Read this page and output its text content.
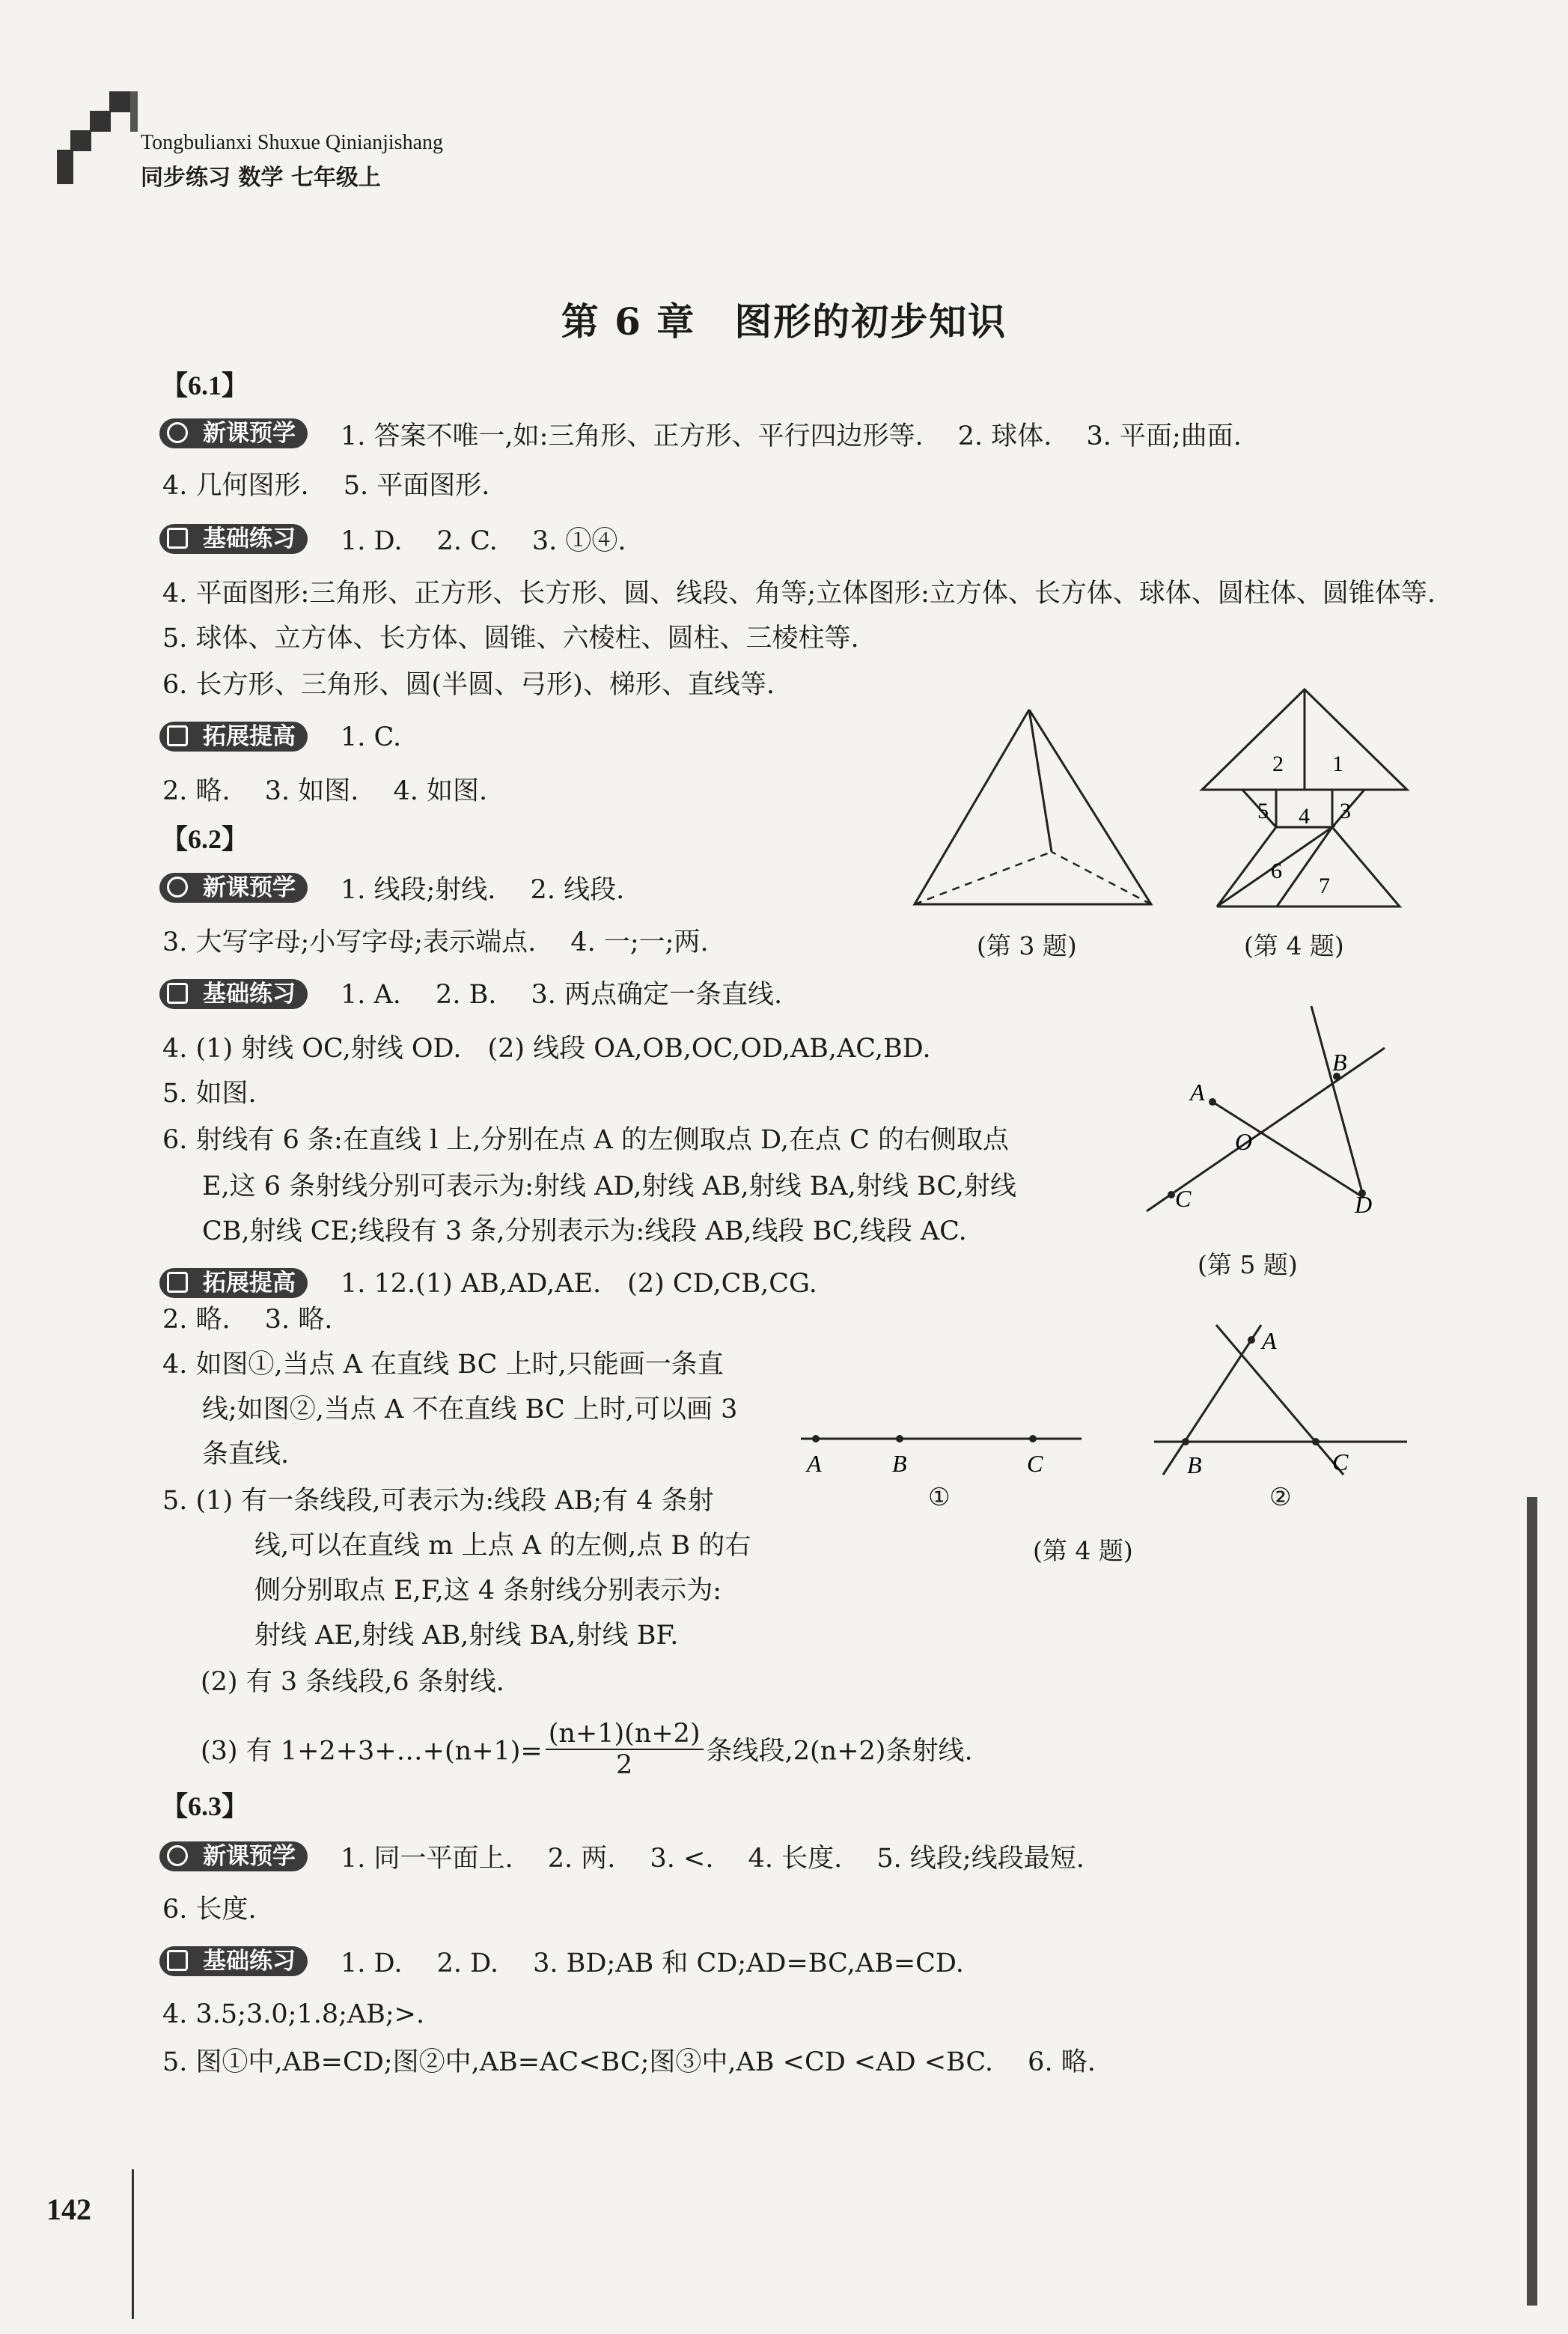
Tongbulianxi Shuxue Qinianjishang
同步练习 数学 七年级上
第 6 章　图形的初步知识
【6.1】
新课预学	1. 答案不唯一,如:三角形、正方形、平行四边形等.　 2. 球体.　 3. 平面;曲面.
4. 几何图形.　 5. 平面图形.
基础练习	1. D.　 2. C.　 3. ①④.
4. 平面图形:三角形、正方形、长方形、圆、线段、角等;立体图形:立方体、长方体、球体、圆柱体、圆锥体等.
5. 球体、立方体、长方体、圆锥、六棱柱、圆柱、三棱柱等.
6. 长方形、三角形、圆(半圆、弓形)、梯形、直线等.
拓展提高	1. C.
2. 略.　 3. 如图.　 4. 如图.
(第 3 题)
2 1
5 4 3
6
7
(第 4 题)
【6.2】
新课预学	1. 线段;射线.　 2. 线段.
3. 大写字母;小写字母;表示端点.　 4. 一;一;两.
基础练习	1. A.　 2. B.　 3. 两点确定一条直线.
4. (1) 射线 OC,射线 OD.　(2) 线段 OA,OB,OC,OD,AB,AC,BD.
5. 如图.
6. 射线有 6 条:在直线 l 上,分别在点 A 的左侧取点 D,在点 C 的右侧取点
E,这 6 条射线分别可表示为:射线 AD,射线 AB,射线 BA,射线 BC,射线
CB,射线 CE;线段有 3 条,分别表示为:线段 AB,线段 BC,线段 AC.
A
B
O
C	D
(第 5 题)
拓展提高	1. 12.(1) AB,AD,AE.　(2) CD,CB,CG.
2. 略.　 3. 略.
4. 如图①,当点 A 在直线 BC 上时,只能画一条直
线;如图②,当点 A 不在直线 BC 上时,可以画 3
条直线.
5. (1) 有一条线段,可表示为:线段 AB;有 4 条射
线,可以在直线 m 上点 A 的左侧,点 B 的右
侧分别取点 E,F,这 4 条射线分别表示为:
射线 AE,射线 AB,射线 BA,射线 BF.
(2) 有 3 条线段,6 条射线.
(3) 有 1+2+3+…+(n+1)= $\frac{(n+1)(n+2)}{2}$ 条线段,2(n+2)条射线.
A	B	C
①
A
B	C
②
(第 4 题)
【6.3】
新课预学	1. 同一平面上.　 2. 两.　 3. <.　 4. 长度.　 5. 线段;线段最短.
6. 长度.
基础练习	1. D.　 2. D.　 3. BD;AB 和 CD;AD=BC,AB=CD.
4. 3.5;3.0;1.8;AB;>.
5. 图①中,AB=CD;图②中,AB=AC<BC;图③中,AB <CD <AD <BC.　 6. 略.
142
